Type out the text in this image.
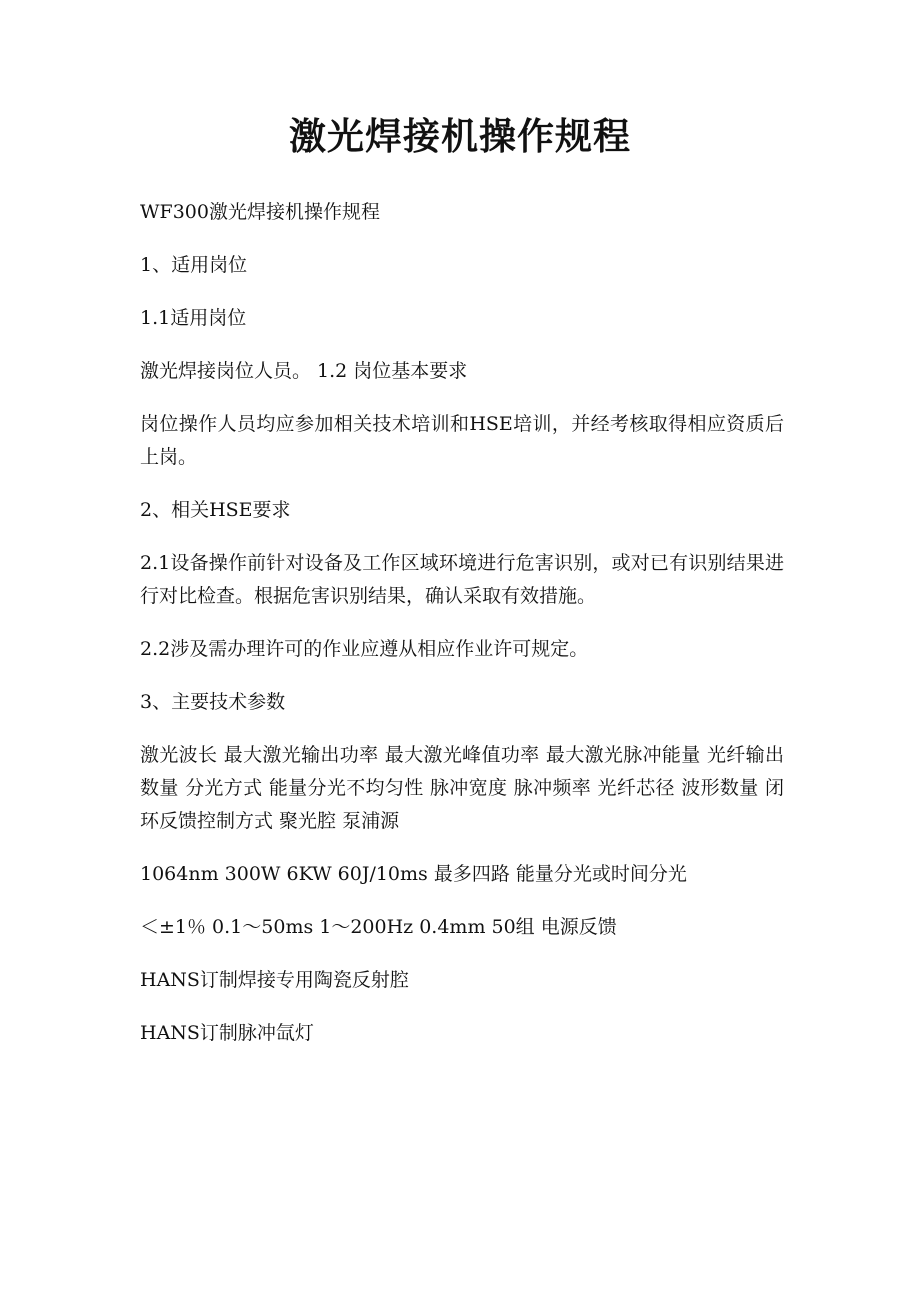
激光焊接机操作规程

WF300激光焊接机操作规程

1、适用岗位

1.1适用岗位

激光焊接岗位人员。 1.2 岗位基本要求

岗位操作人员均应参加相关技术培训和HSE培训，并经考核取得相应资质后上岗。

2、相关HSE要求

2.1设备操作前针对设备及工作区域环境进行危害识别，或对已有识别结果进行对比检查。根据危害识别结果，确认采取有效措施。

2.2涉及需办理许可的作业应遵从相应作业许可规定。

3、主要技术参数

激光波长 最大激光输出功率 最大激光峰值功率 最大激光脉冲能量 光纤输出数量 分光方式 能量分光不均匀性 脉冲宽度 脉冲频率 光纤芯径 波形数量 闭环反馈控制方式 聚光腔 泵浦源

1064nm 300W 6KW 60J/10ms 最多四路 能量分光或时间分光

＜±1％ 0.1～50ms 1～200Hz 0.4mm 50组 电源反馈

HANS订制焊接专用陶瓷反射腔

HANS订制脉冲氙灯
